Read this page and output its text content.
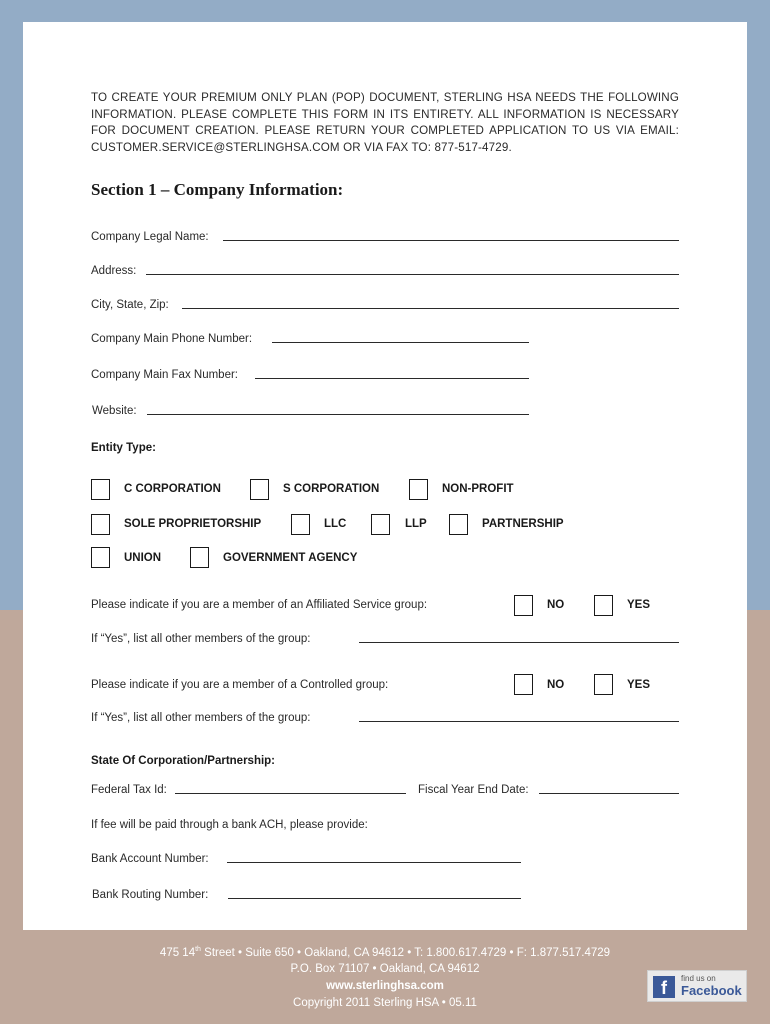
TO CREATE YOUR PREMIUM ONLY PLAN (POP) DOCUMENT, STERLING HSA NEEDS THE FOLLOWING INFORMATION. PLEASE COMPLETE THIS FORM IN ITS ENTIRETY. ALL INFORMATION IS NECESSARY FOR DOCUMENT CREATION. PLEASE RETURN YOUR COMPLETED APPLICATION TO US VIA EMAIL: CUSTOMER.SERVICE@STERLINGHSA.COM OR VIA FAX TO: 877-517-4729.
Section 1 – Company Information:
Company Legal Name:
Address:
City, State, Zip:
Company Main Phone Number:
Company Main Fax Number:
Website:
Entity Type:
C CORPORATION	S CORPORATION	NON-PROFIT
SOLE PROPRIETORSHIP	LLC	LLP	PARTNERSHIP
UNION	GOVERNMENT AGENCY
Please indicate if you are a member of an Affiliated Service group:	NO	YES
If “Yes”, list all other members of the group:
Please indicate if you are a member of a Controlled group:	NO	YES
If “Yes”, list all other members of the group:
State Of Corporation/Partnership:
Federal Tax Id:	Fiscal Year End Date:
If fee will be paid through a bank ACH, please provide:
Bank Account Number:
Bank Routing Number:
475 14th Street • Suite 650 • Oakland, CA 94612 • T: 1.800.617.4729 • F: 1.877.517.4729
P.O. Box 71107 • Oakland, CA 94612
www.sterlinghsa.com
Copyright 2011 Sterling HSA • 05.11
f	find us on
Facebook
